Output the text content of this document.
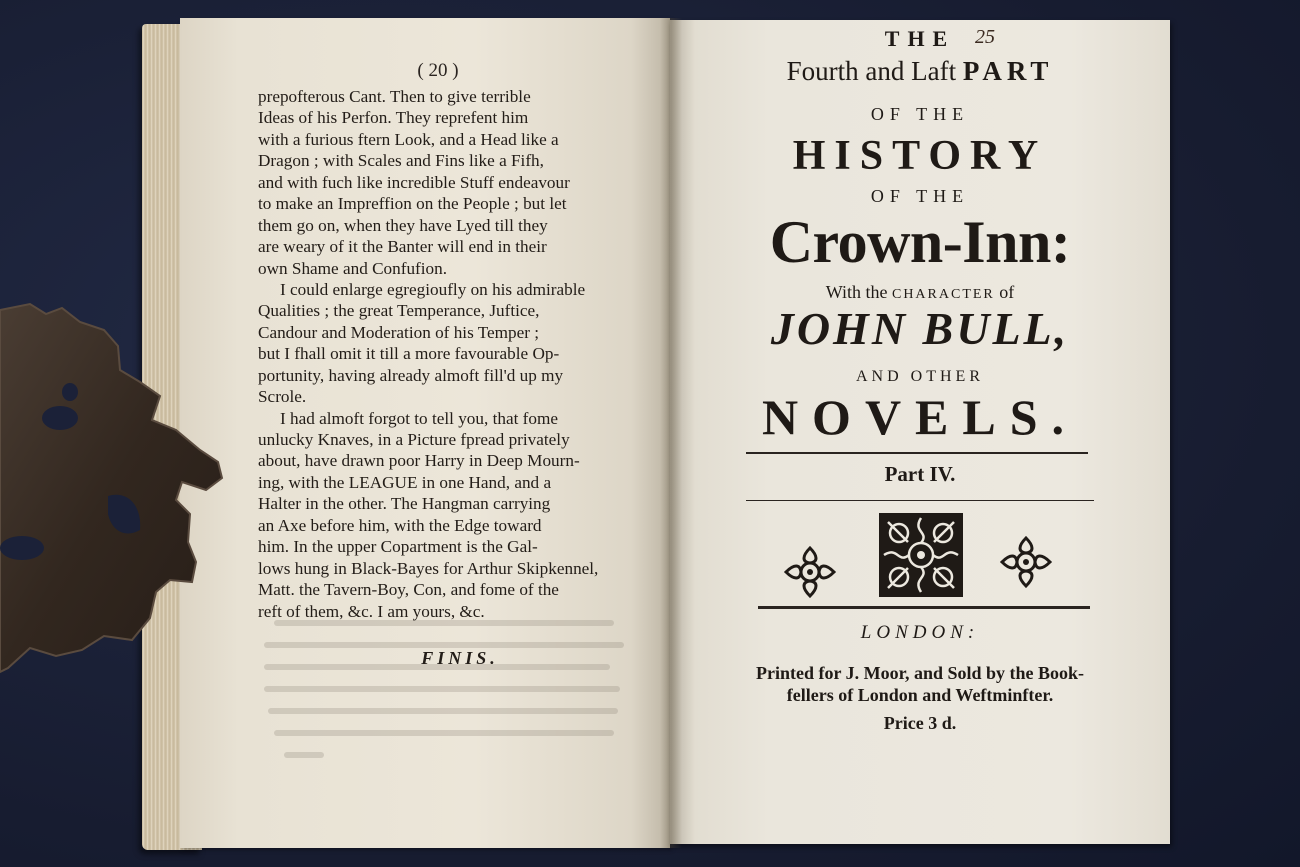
( 20 )
prepofterous Cant. Then to give terrible
Ideas of his Perfon. They reprefent him
with a furious ftern Look, and a Head like a
Dragon ; with Scales and Fins like a Fifh,
and with fuch like incredible Stuff endeavour
to make an Impreffion on the People ; but let
them go on, when they have Lyed till they
are weary of it the Banter will end in their
own Shame and Confufion.
I could enlarge egregioufly on his admirable
Qualities ; the great Temperance, Juftice,
Candour and Moderation of his Temper ;
but I fhall omit it till a more favourable Op-
portunity, having already almoft fill'd up my
Scrole.
I had almoft forgot to tell you, that fome
unlucky Knaves, in a Picture fpread privately
about, have drawn poor Harry in Deep Mourn-
ing, with the LEAGUE in one Hand, and a
Halter in the other. The Hangman carrying
an Axe before him, with the Edge toward
him. In the upper Copartment is the Gal-
lows hung in Black-Bayes for Arthur Skipkennel,
Matt. the Tavern-Boy, Con, and fome of the
reft of them, &c. I am yours, &c.
FINIS.
THE 25
Fourth and Laft PART
OF THE
HISTORY
OF THE
Crown-Inn:
With the CHARACTER of
JOHN BULL,
AND OTHER
NOVELS.
Part IV.
LONDON:
Printed for J. Moor, and Sold by the Book-
fellers of London and Weftminfter.
Price 3 d.
